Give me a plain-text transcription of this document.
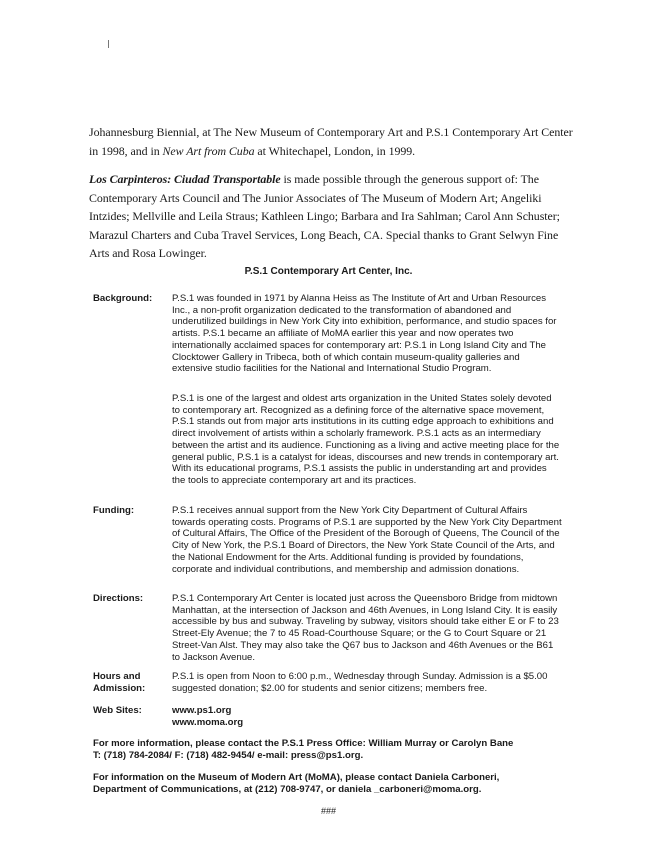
Johannesburg Biennial, at The New Museum of Contemporary Art and P.S.1 Contemporary Art Center in 1998, and in New Art from Cuba at Whitechapel, London, in 1999.

Los Carpinteros: Ciudad Transportable is made possible through the generous support of: The Contemporary Arts Council and The Junior Associates of The Museum of Modern Art; Angeliki Intzides; Mellville and Leila Straus; Kathleen Lingo; Barbara and Ira Sahlman; Carol Ann Schuster; Marazul Charters and Cuba Travel Services, Long Beach, CA. Special thanks to Grant Selwyn Fine Arts and Rosa Lowinger.

P.S.1 Contemporary Art Center, Inc.

Background: P.S.1 was founded in 1971 by Alanna Heiss as The Institute of Art and Urban Resources Inc., a non-profit organization dedicated to the transformation of abandoned and underutilized buildings in New York City into exhibition, performance, and studio spaces for artists. P.S.1 became an affiliate of MoMA earlier this year and now operates two internationally acclaimed spaces for contemporary art: P.S.1 in Long Island City and The Clocktower Gallery in Tribeca, both of which contain museum-quality galleries and extensive studio facilities for the National and International Studio Program.

P.S.1 is one of the largest and oldest arts organization in the United States solely devoted to contemporary art. Recognized as a defining force of the alternative space movement, P.S.1 stands out from major arts institutions in its cutting edge approach to exhibitions and direct involvement of artists within a scholarly framework. P.S.1 acts as an intermediary between the artist and its audience. Functioning as a living and active meeting place for the general public, P.S.1 is a catalyst for ideas, discourses and new trends in contemporary art. With its educational programs, P.S.1 assists the public in understanding art and provides the tools to appreciate contemporary art and its practices.

Funding:	P.S.1 receives annual support from the New York City Department of Cultural Affairs towards operating costs. Programs of P.S.1 are supported by the New York City Department of Cultural Affairs, The Office of the President of the Borough of Queens, The Council of the City of New York, the P.S.1 Board of Directors, the New York State Council of the Arts, and the National Endowment for the Arts. Additional funding is provided by foundations, corporate and individual contributions, and membership and admission donations.

Directions:	P.S.1 Contemporary Art Center is located just across the Queensboro Bridge from midtown Manhattan, at the intersection of Jackson and 46th Avenues, in Long Island City. It is easily accessible by bus and subway. Traveling by subway, visitors should take either E or F to 23 Street-Ely Avenue; the 7 to 45 Road-Courthouse Square; or the G to Court Square or 21 Street-Van Alst. They may also take the Q67 bus to Jackson and 46th Avenues or the B61 to Jackson Avenue.

Hours and
Admission:

P.S.1 is open from Noon to 6:00 p.m., Wednesday through Sunday. Admission is a $5.00 suggested donation; $2.00 for students and senior citizens; members free.

Web Sites:	www.ps1.org
www.moma.org

For more information, please contact the P.S.1 Press Office: William Murray or Carolyn Bane
T: (718) 784-2084/ F: (718) 482-9454/ e-mail: press@ps1.org.

For information on the Museum of Modern Art (MoMA), please contact Daniela Carboneri,
Department of Communications, at (212) 708-9747, or daniela _carboneri@moma.org.

###
